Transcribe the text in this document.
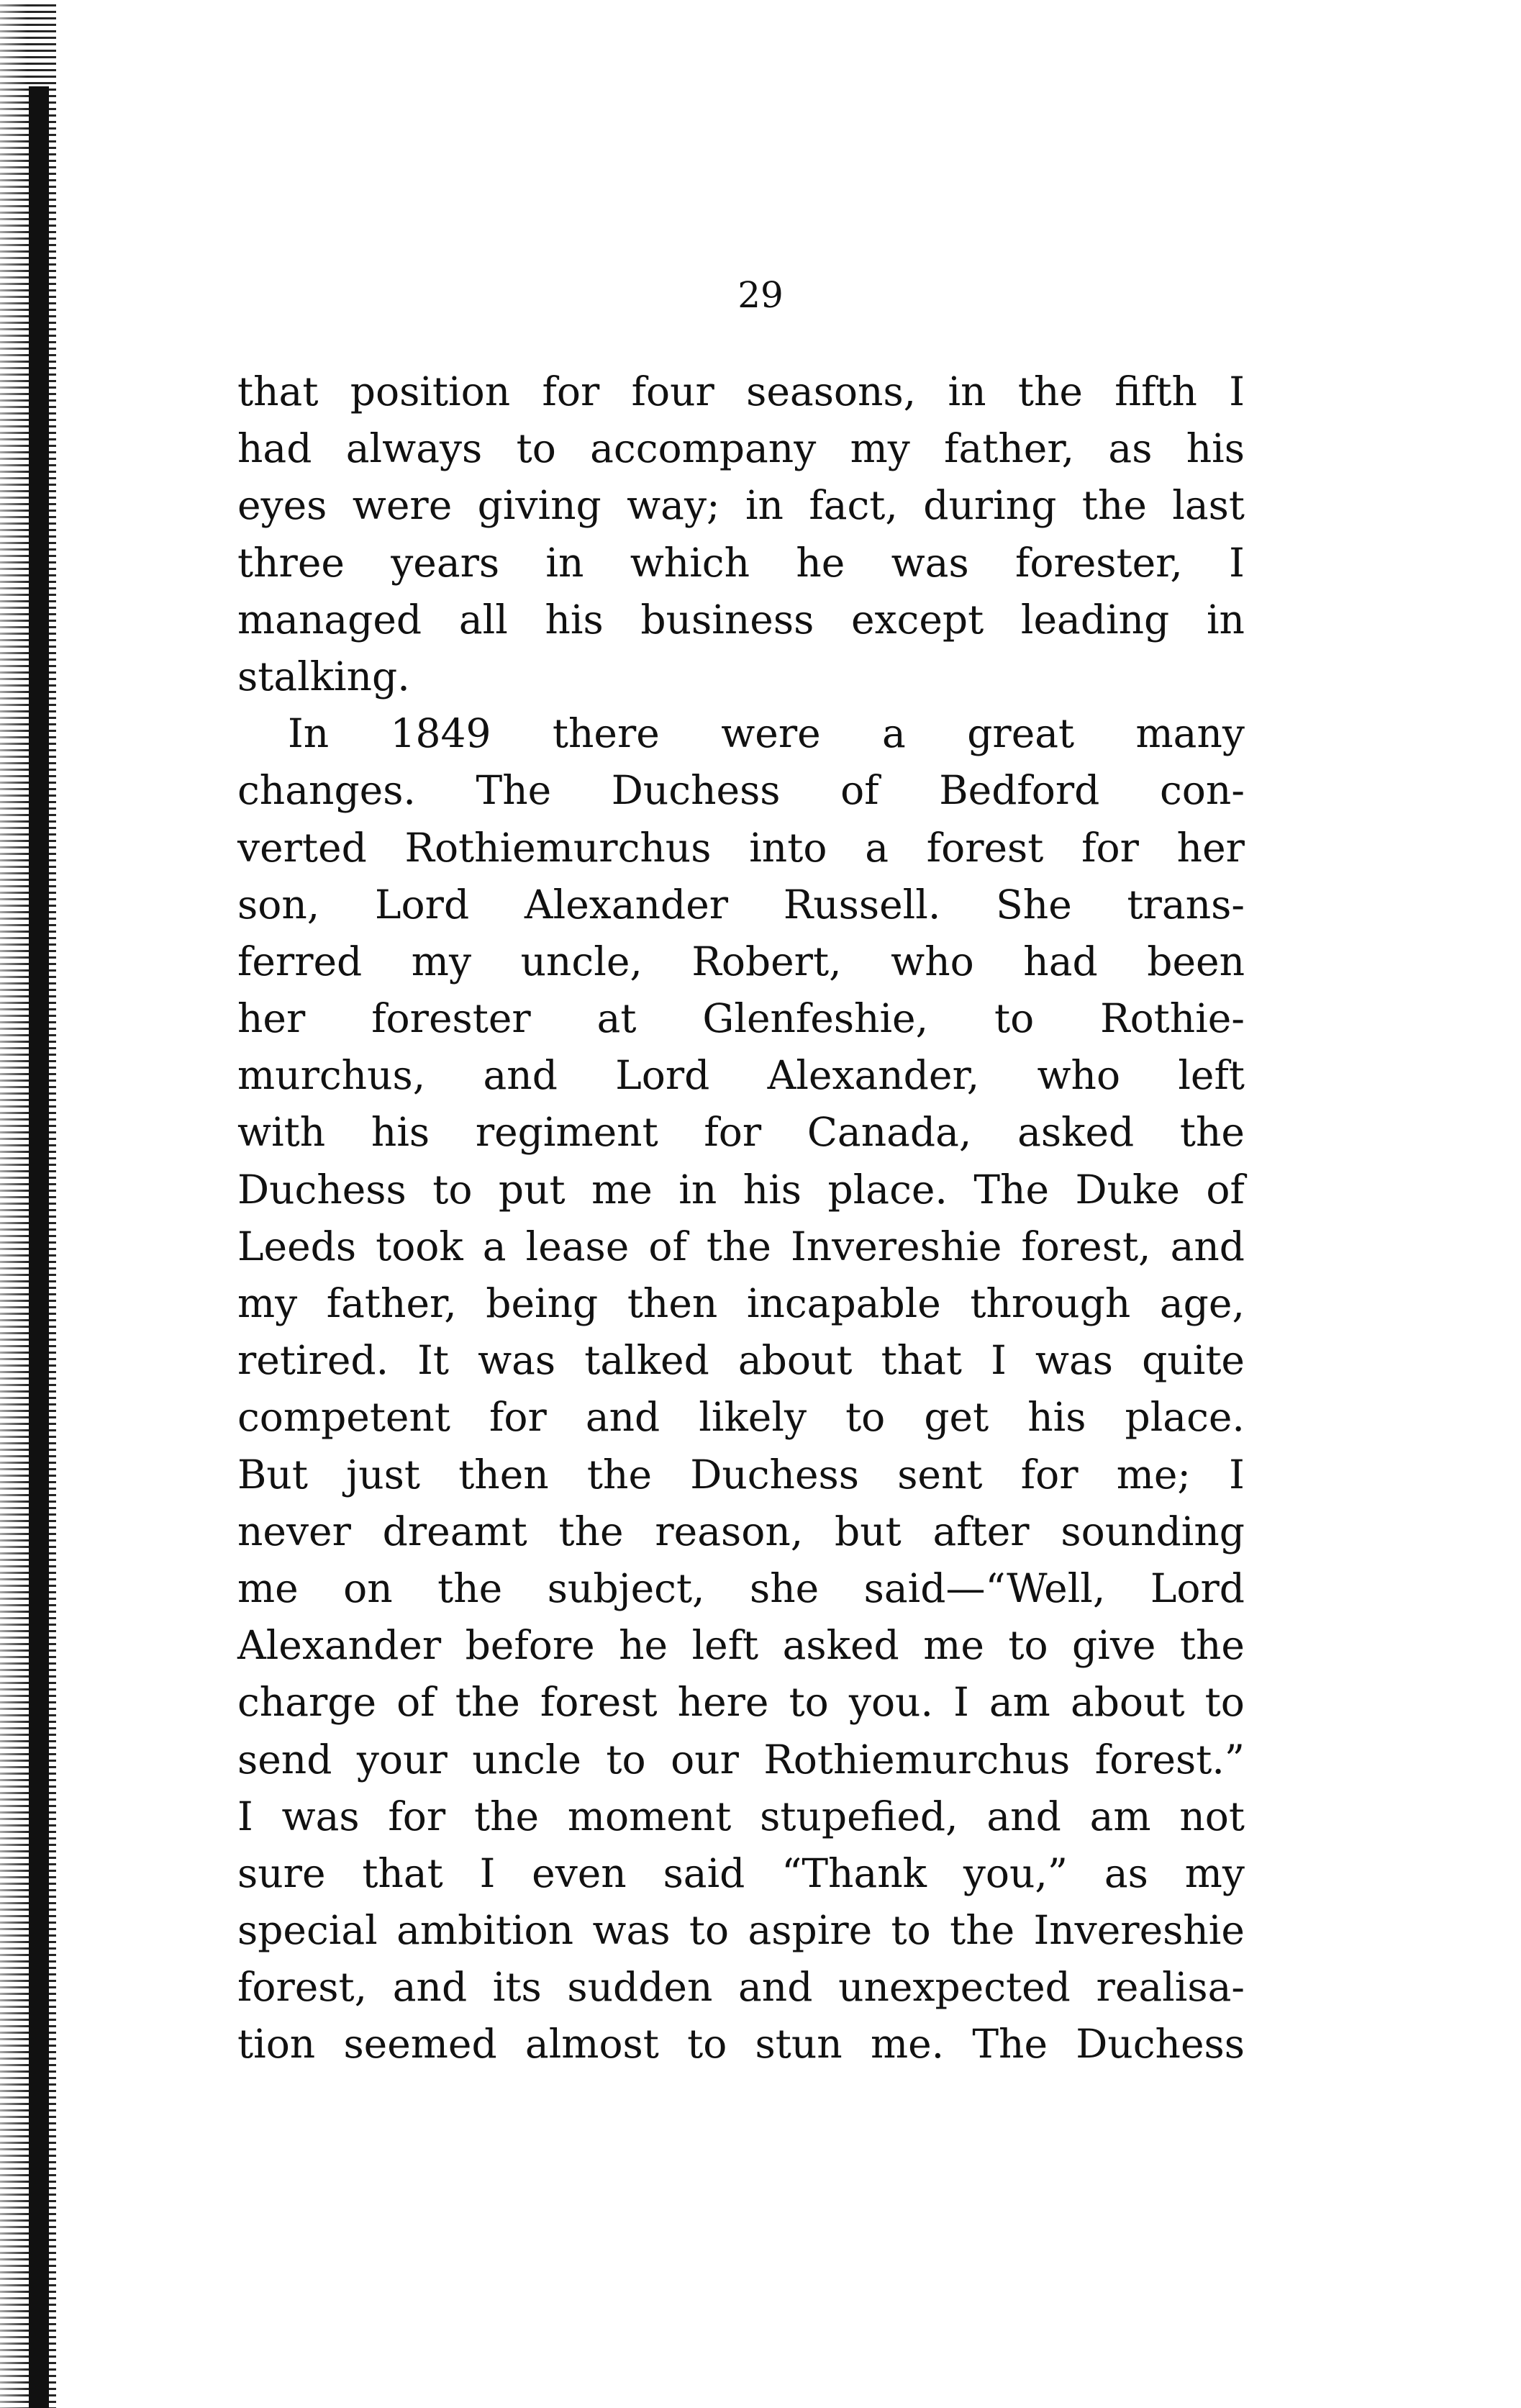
29
that position for four seasons, in the fifth I
had always to accompany my father, as his
eyes were giving way; in fact, during the last
three years in which he was forester, I
managed all his business except leading in
stalking.
In 1849 there were a great many
changes. The Duchess of Bedford con-
verted Rothiemurchus into a forest for her
son, Lord Alexander Russell. She trans-
ferred my uncle, Robert, who had been
her forester at Glenfeshie, to Rothie-
murchus, and Lord Alexander, who left
with his regiment for Canada, asked the
Duchess to put me in his place. The Duke of
Leeds took a lease of the Invereshie forest, and
my father, being then incapable through age,
retired. It was talked about that I was quite
competent for and likely to get his place.
But just then the Duchess sent for me; I
never dreamt the reason, but after sounding
me on the subject, she said—“Well, Lord
Alexander before he left asked me to give the
charge of the forest here to you. I am about to
send your uncle to our Rothiemurchus forest.”
I was for the moment stupefied, and am not
sure that I even said “Thank you,” as my
special ambition was to aspire to the Invereshie
forest, and its sudden and unexpected realisa-
tion seemed almost to stun me. The Duchess
